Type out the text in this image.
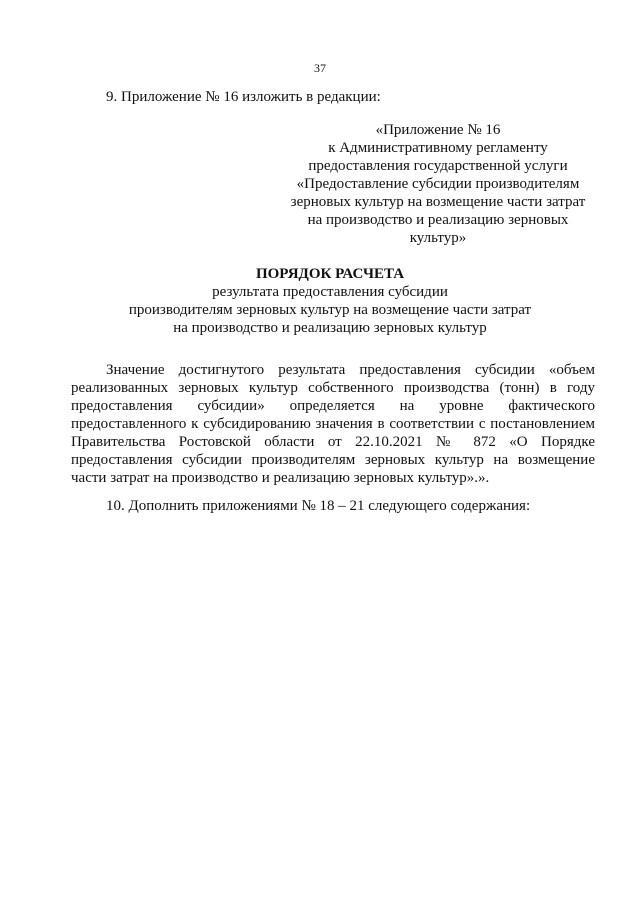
37
9. Приложение № 16 изложить в редакции:
«Приложение № 16
к Административному регламенту
предоставления государственной услуги
«Предоставление субсидии производителям
зерновых культур на возмещение части затрат
на производство и реализацию зерновых
культур»
ПОРЯДОК РАСЧЕТА
результата предоставления субсидии
производителям зерновых культур на возмещение части затрат
на производство и реализацию зерновых культур
Значение достигнутого результата предоставления субсидии «объем
реализованных зерновых культур собственного производства (тонн) в году
предоставления субсидии» определяется на уровне фактического
предоставленного к субсидированию значения в соответствии с постановлением
Правительства Ростовской области от 22.10.2021 № 872 «О Порядке
предоставления субсидии производителям зерновых культур на возмещение
части затрат на производство и реализацию зерновых культур».».
10. Дополнить приложениями № 18 – 21 следующего содержания:
